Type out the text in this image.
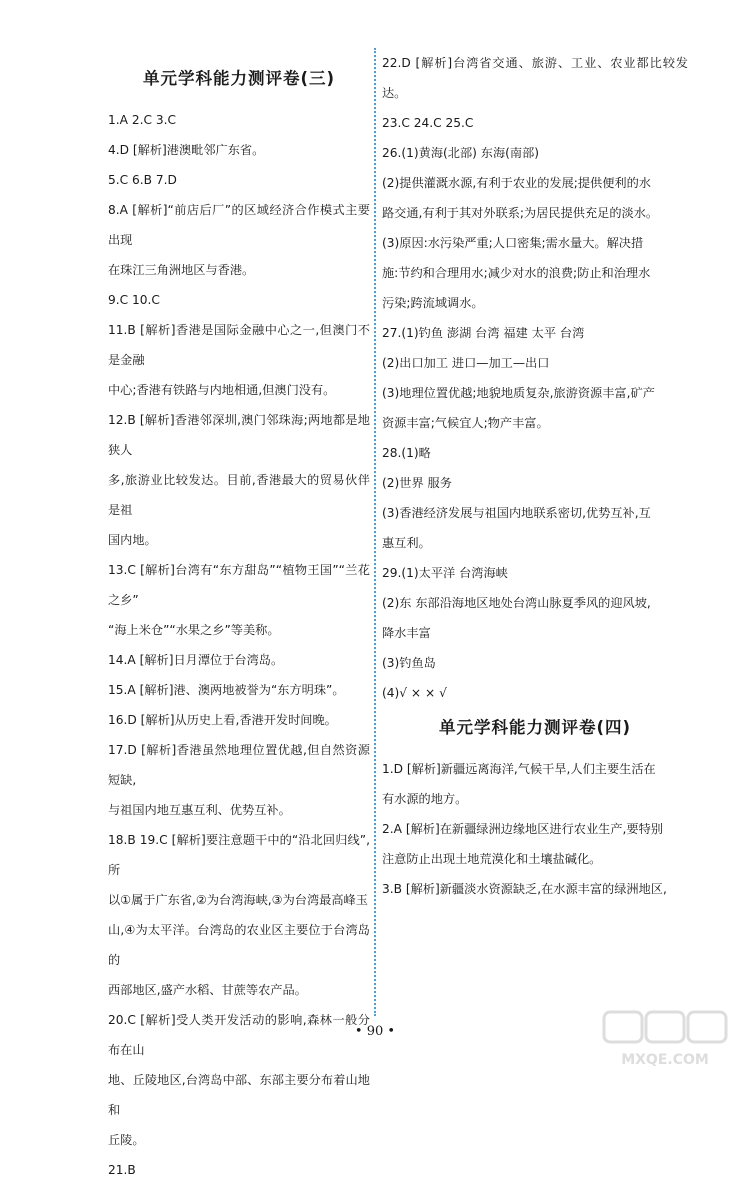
单元学科能力测评卷(三)
1.A 2.C 3.C
4.D [解析]港澳毗邻广东省。
5.C 6.B 7.D
8.A [解析]“前店后厂”的区域经济合作模式主要出现
在珠江三角洲地区与香港。
9.C 10.C
11.B [解析]香港是国际金融中心之一,但澳门不是金融
中心;香港有铁路与内地相通,但澳门没有。
12.B [解析]香港邻深圳,澳门邻珠海;两地都是地狭人
多,旅游业比较发达。目前,香港最大的贸易伙伴是祖
国内地。
13.C [解析]台湾有“东方甜岛”“植物王国”“兰花之乡”
“海上米仓”“水果之乡”等美称。
14.A [解析]日月潭位于台湾岛。
15.A [解析]港、澳两地被誉为“东方明珠”。
16.D [解析]从历史上看,香港开发时间晚。
17.D [解析]香港虽然地理位置优越,但自然资源短缺,
与祖国内地互惠互利、优势互补。
18.B 19.C [解析]要注意题干中的“沿北回归线”,所
以①属于广东省,②为台湾海峡,③为台湾最高峰玉
山,④为太平洋。台湾岛的农业区主要位于台湾岛的
西部地区,盛产水稻、甘蔗等农产品。
20.C [解析]受人类开发活动的影响,森林一般分布在山
地、丘陵地区,台湾岛中部、东部主要分布着山地和
丘陵。
21.B
22.D [解析]台湾省交通、旅游、工业、农业都比较发达。
23.C 24.C 25.C
26.(1)黄海(北部) 东海(南部)
(2)提供灌溉水源,有利于农业的发展;提供便利的水
路交通,有利于其对外联系;为居民提供充足的淡水。
(3)原因:水污染严重;人口密集;需水量大。解决措
施:节约和合理用水;减少对水的浪费;防止和治理水
污染;跨流域调水。
27.(1)钓鱼 澎湖 台湾 福建 太平 台湾
(2)出口加工 进口—加工—出口
(3)地理位置优越;地貌地质复杂,旅游资源丰富,矿产
资源丰富;气候宜人;物产丰富。
28.(1)略
(2)世界 服务
(3)香港经济发展与祖国内地联系密切,优势互补,互
惠互利。
29.(1)太平洋 台湾海峡
(2)东 东部沿海地区地处台湾山脉夏季风的迎风坡,
降水丰富
(3)钓鱼岛
(4)√ × × √
单元学科能力测评卷(四)
1.D [解析]新疆远离海洋,气候干旱,人们主要生活在
有水源的地方。
2.A [解析]在新疆绿洲边缘地区进行农业生产,要特别
注意防止出现土地荒漠化和土壤盐碱化。
3.B [解析]新疆淡水资源缺乏,在水源丰富的绿洲地区,
• 90 •
MXQE.COM
